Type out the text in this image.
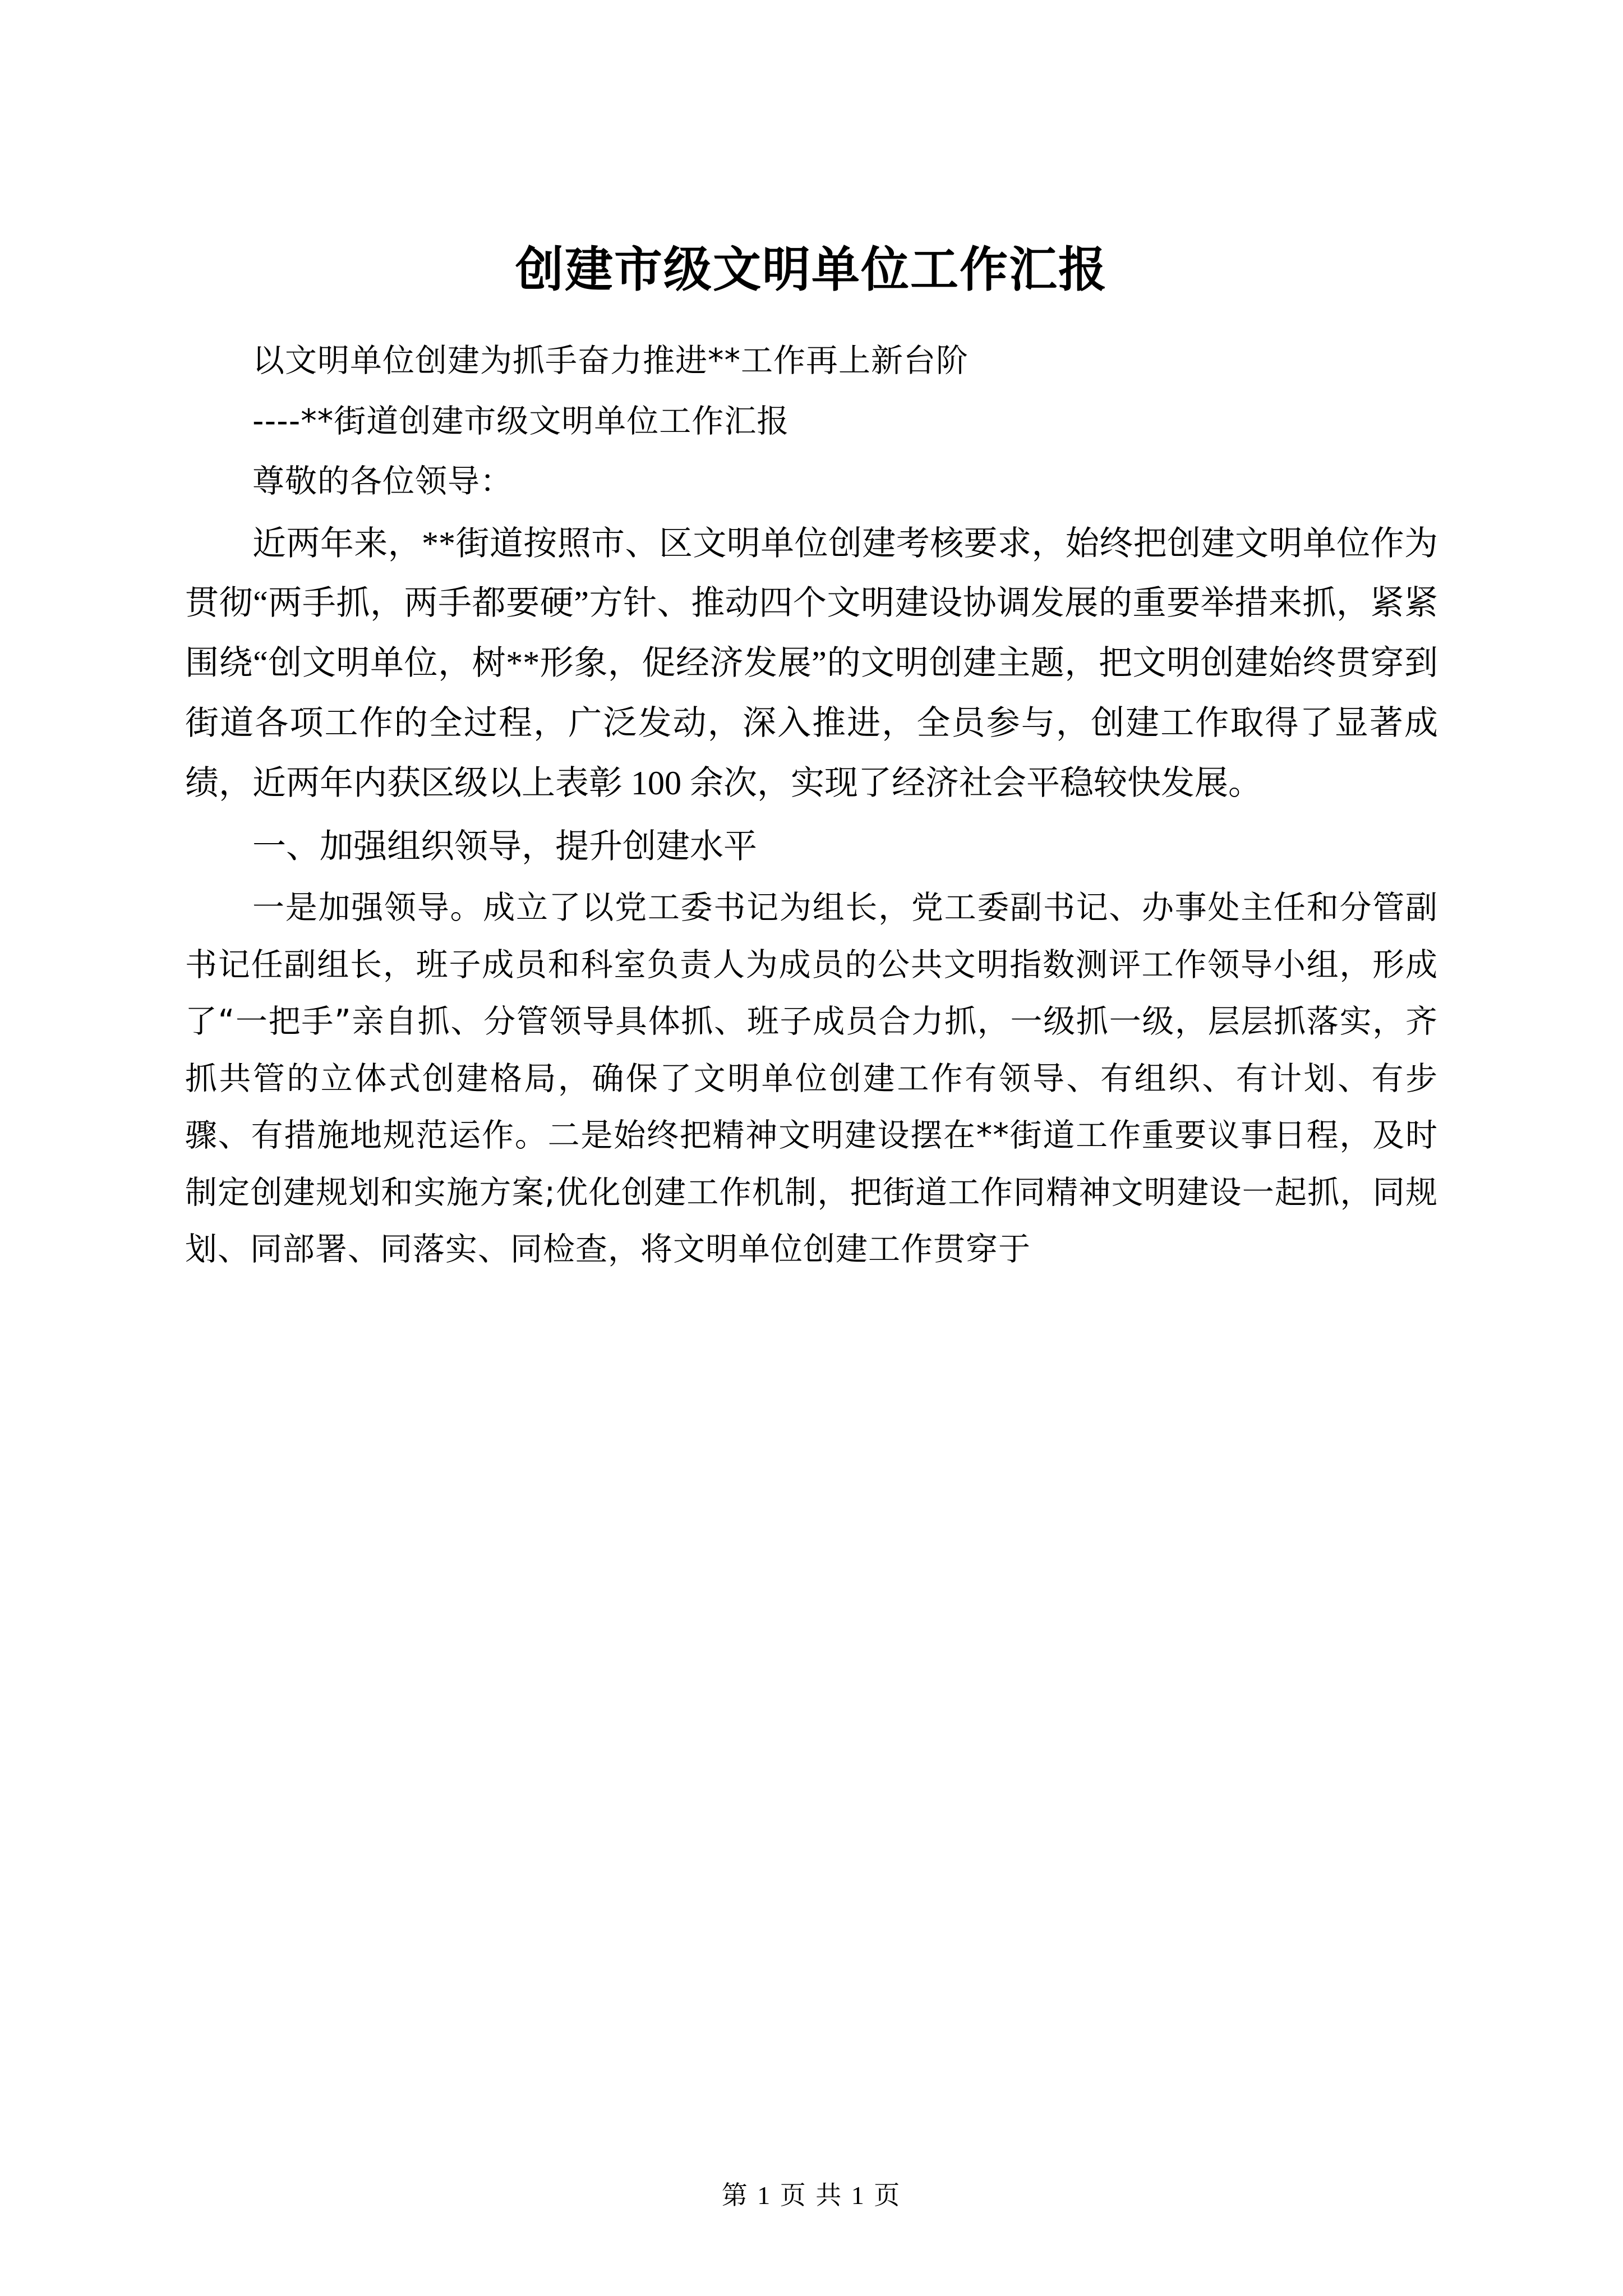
创建市级文明单位工作汇报

以文明单位创建为抓手奋力推进**工作再上新台阶

----**街道创建市级文明单位工作汇报

尊敬的各位领导：

近两年来，**街道按照市、区文明单位创建考核要求，始终把创建文明单位作为贯彻“两手抓，两手都要硬”方针、推动四个文明建设协调发展的重要举措来抓，紧紧围绕“创文明单位，树**形象，促经济发展”的文明创建主题，把文明创建始终贯穿到街道各项工作的全过程，广泛发动，深入推进，全员参与，创建工作取得了显著成绩，近两年内获区级以上表彰 100 余次，实现了经济社会平稳较快发展。

一、加强组织领导，提升创建水平

一是加强领导。成立了以党工委书记为组长，党工委副书记、办事处主任和分管副书记任副组长，班子成员和科室负责人为成员的公共文明指数测评工作领导小组，形成了“一把手”亲自抓、分管领导具体抓、班子成员合力抓，一级抓一级，层层抓落实，齐抓共管的立体式创建格局，确保了文明单位创建工作有领导、有组织、有计划、有步骤、有措施地规范运作。二是始终把精神文明建设摆在**街道工作重要议事日程，及时制定创建规划和实施方案;优化创建工作机制，把街道工作同精神文明建设一起抓，同规划、同部署、同落实、同检查，将文明单位创建工作贯穿于

第 1 页 共 1 页
